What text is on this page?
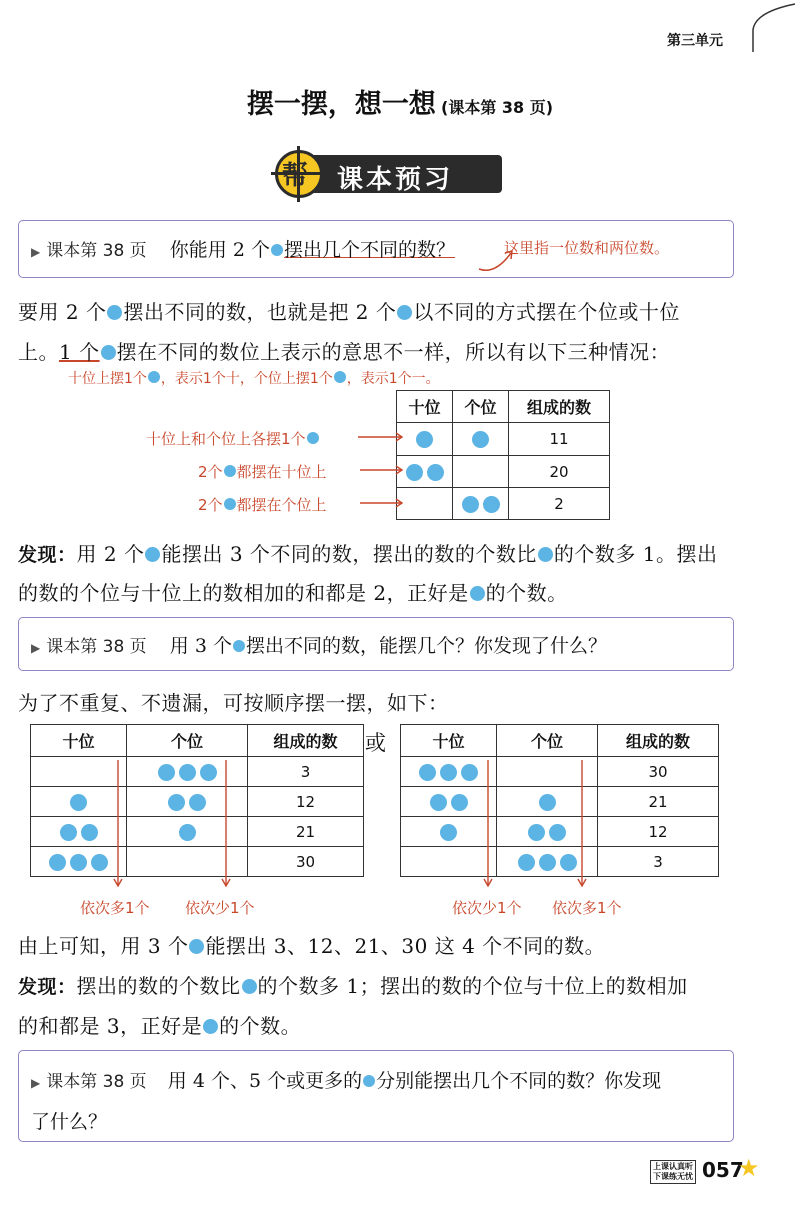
第三单元
摆一摆，想一想 (课本第 38 页)
课本预习
帮
▶ 课本第 38 页 你能用 2 个 摆出几个不同的数？	这里指一位数和两位数。
要用 2 个 摆出不同的数，也就是把 2 个 以不同的方式摆在个位或十位
上。1 个 摆在不同的数位上表示的意思不一样，所以有以下三种情况：
十位上摆1个 ，表示1个十，个位上摆1个 ，表示1个一。
十位	个位	组成的数
		11
		20
		2
十位上和个位上各摆1个
2个 都摆在十位上
2个 都摆在个位上
发现：用 2 个 能摆出 3 个不同的数，摆出的数的个数比 的个数多 1。摆出
的数的个位与十位上的数相加的和都是 2，正好是 的个数。
▶ 课本第 38 页 用 3 个 摆出不同的数，能摆几个？你发现了什么？
为了不重复、不遗漏，可按顺序摆一摆，如下：
十位	个位	组成的数
		3
		12
		21
		30
依次多1个 依次少1个
或	十位	个位	组成的数
		30
		21
		12
		3
依次少1个 依次多1个
由上可知，用 3 个 能摆出 3、12、21、30 这 4 个不同的数。
发现：摆出的数的个数比 的个数多 1；摆出的数的个位与十位上的数相加
的和都是 3，正好是 的个数。
▶ 课本第 38 页 用 4 个、5 个或更多的 分别能摆出几个不同的数？你发现
了什么？
上课认真听
下课练无忧 057
★
